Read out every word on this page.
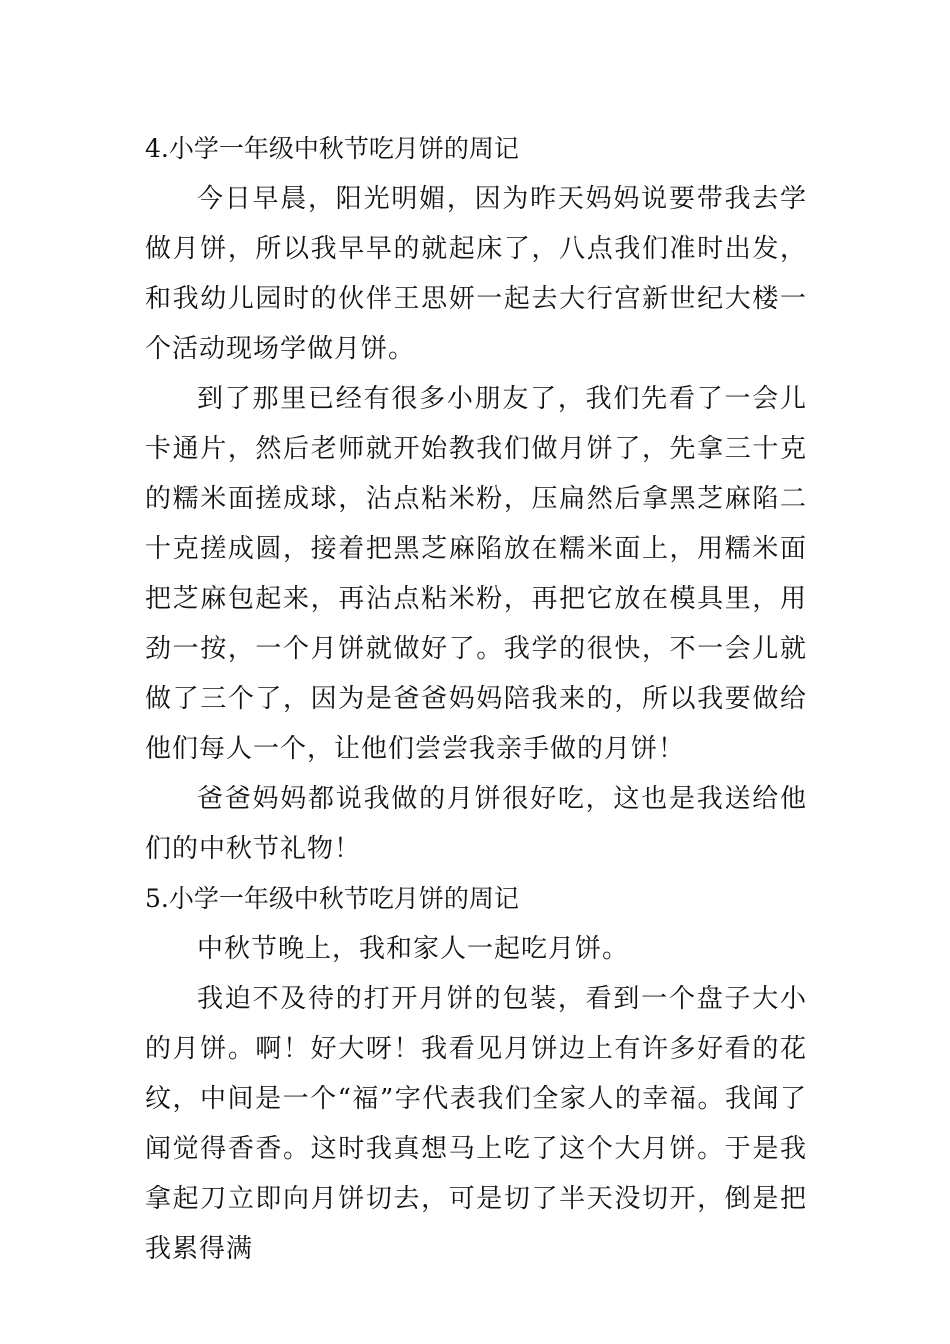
4.小学一年级中秋节吃月饼的周记

今日早晨，阳光明媚，因为昨天妈妈说要带我去学做月饼，所以我早早的就起床了，八点我们准时出发，和我幼儿园时的伙伴王思妍一起去大行宫新世纪大楼一个活动现场学做月饼。

到了那里已经有很多小朋友了，我们先看了一会儿卡通片，然后老师就开始教我们做月饼了，先拿三十克的糯米面搓成球，沾点粘米粉，压扁然后拿黑芝麻陷二十克搓成圆，接着把黑芝麻陷放在糯米面上，用糯米面把芝麻包起来，再沾点粘米粉，再把它放在模具里，用劲一按，一个月饼就做好了。我学的很快，不一会儿就做了三个了，因为是爸爸妈妈陪我来的，所以我要做给他们每人一个，让他们尝尝我亲手做的月饼！

爸爸妈妈都说我做的月饼很好吃，这也是我送给他们的中秋节礼物！

5.小学一年级中秋节吃月饼的周记

中秋节晚上，我和家人一起吃月饼。

我迫不及待的打开月饼的包装，看到一个盘子大小的月饼。啊！好大呀！我看见月饼边上有许多好看的花纹，中间是一个“福”字代表我们全家人的幸福。我闻了闻觉得香香。这时我真想马上吃了这个大月饼。于是我拿起刀立即向月饼切去，可是切了半天没切开，倒是把我累得满
